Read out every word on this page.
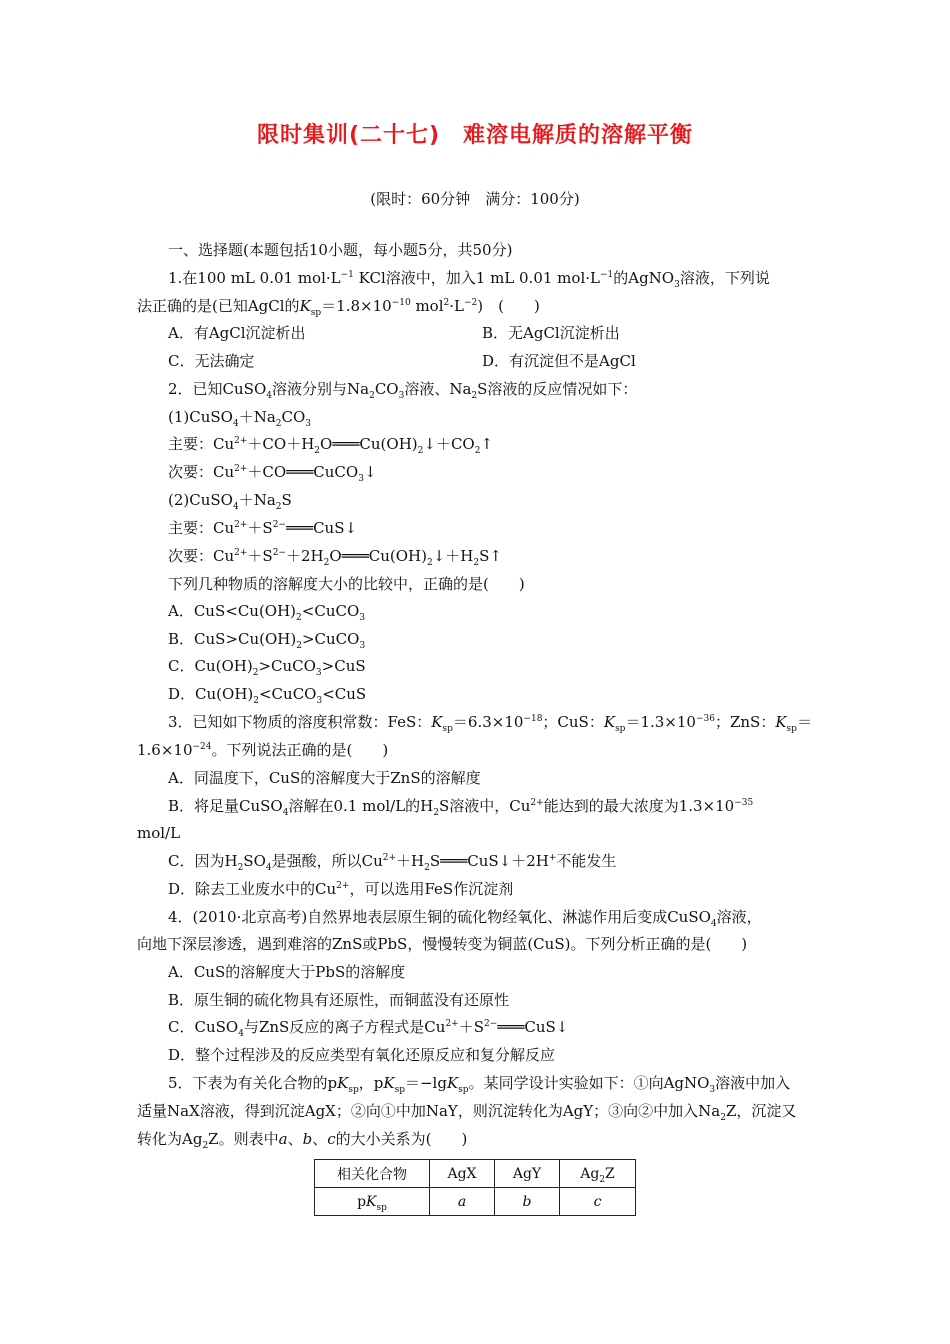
限时集训(二十七)　难溶电解质的溶解平衡
(限时：60分钟　满分：100分)
一、选择题(本题包括10小题，每小题5分，共50分)
1.在100 mL 0.01 $mol\cdot L^{-1}$ KCl溶液中，加入1 mL 0.01 $mol\cdot L^{-1}$的AgNO$_3$溶液，下列说
法正确的是(已知AgCl的$K_{sp}=1.8\times 10^{-10}$ $mol^2\cdot L^{-2}$)　(　　)
A．有AgCl沉淀析出	B．无AgCl沉淀析出
C．无法确定	D．有沉淀但不是AgCl
2．已知CuSO$_4$溶液分别与$Na_2CO_3$溶液、$Na_2S$溶液的反应情况如下：
$(1)CuSO_4+Na_2CO_3$
主要：$Cu^{2+}+CO+H_2O═══Cu(OH)_2↓+CO_2↑$
次要：$Cu^{2+}+CO═══CuCO_3↓$
$(2)CuSO_4+Na_2S$
主要：$Cu^{2+}+S^{2-}═══CuS↓$
次要：$Cu^{2+}+S^{2-}+2H_2O═══Cu(OH)_2↓+H_2S↑$
下列几种物质的溶解度大小的比较中，正确的是(　　)
A．$CuS<Cu(OH)_2<CuCO_3$
B．$CuS>Cu(OH)_2>CuCO_3$
C．$Cu(OH)_2>CuCO_3>CuS$
D．$Cu(OH)_2<CuCO_3<CuS$
3．已知如下物质的溶度积常数：FeS：$K_{sp}=6.3\times 10^{-18}$；CuS：$K_{sp}=1.3\times 10^{-36}$；ZnS：$K_{sp}=$
$1.6\times 10^{-24}$。下列说法正确的是(　　)
A．同温度下，CuS的溶解度大于ZnS的溶解度
B．将足量CuSO$_4$溶解在0.1 mol/L的$H_2S$溶液中，$Cu^{2+}$能达到的最大浓度为$1.3\times 10^{-35}$
mol/L
C．因为$H_2SO_4$是强酸，所以$Cu^{2+}+H_2S═══CuS↓+2H^+$不能发生
D．除去工业废水中的$Cu^{2+}$，可以选用FeS作沉淀剂
4．(2010·北京高考)自然界地表层原生铜的硫化物经氧化、淋滤作用后变成CuSO$_4$溶液，
向地下深层渗透，遇到难溶的ZnS或PbS，慢慢转变为铜蓝(CuS)。下列分析正确的是(　　)
A．CuS的溶解度大于PbS的溶解度
B．原生铜的硫化物具有还原性，而铜蓝没有还原性
C．CuSO$_4$与ZnS反应的离子方程式是$Cu^{2+}+S^{2-}═══CuS↓$
D．整个过程涉及的反应类型有氧化还原反应和复分解反应
5．下表为有关化合物的$pK_{sp}$，$pK_{sp}=-\lg K_{sp}$。某同学设计实验如下：①向AgNO$_3$溶液中加入
适量NaX溶液，得到沉淀AgX；②向①中加NaY，则沉淀转化为AgY；③向②中加入$Na_2Z$，沉淀又
转化为$Ag_2Z$。则表中a、b、c的大小关系为(　　)
相关化合物	AgX	AgY	$Ag_2Z$
$pK_{sp}$	a	b	c
